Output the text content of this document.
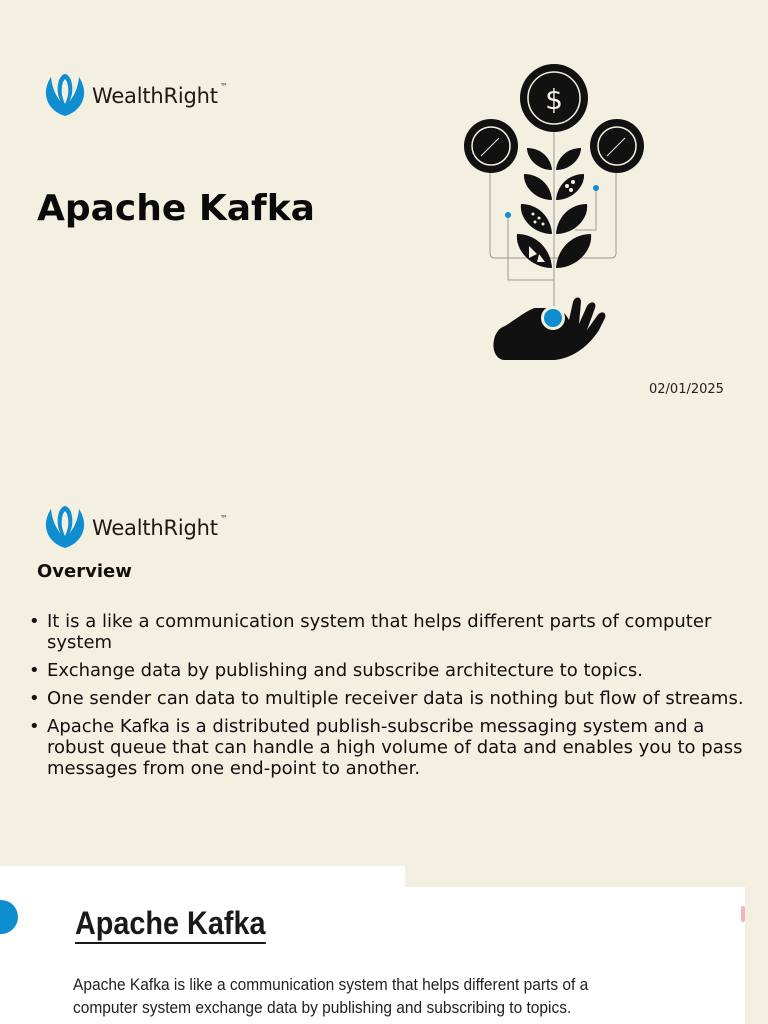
WealthRight ™
Apache Kafka
$
02/01/2025
WealthRight ™
Overview
• It is a like a communication system that helps different parts of computer system
• Exchange data by publishing and subscribe architecture to topics.
• One sender can data to multiple receiver data is nothing but flow of streams.
• Apache Kafka is a distributed publish-subscribe messaging system and a robust queue that can handle a high volume of data and enables you to pass messages from one end-point to another.
Apache Kafka
Apache Kafka is like a communication system that helps different parts of a computer system exchange data by publishing and subscribing to topics.
